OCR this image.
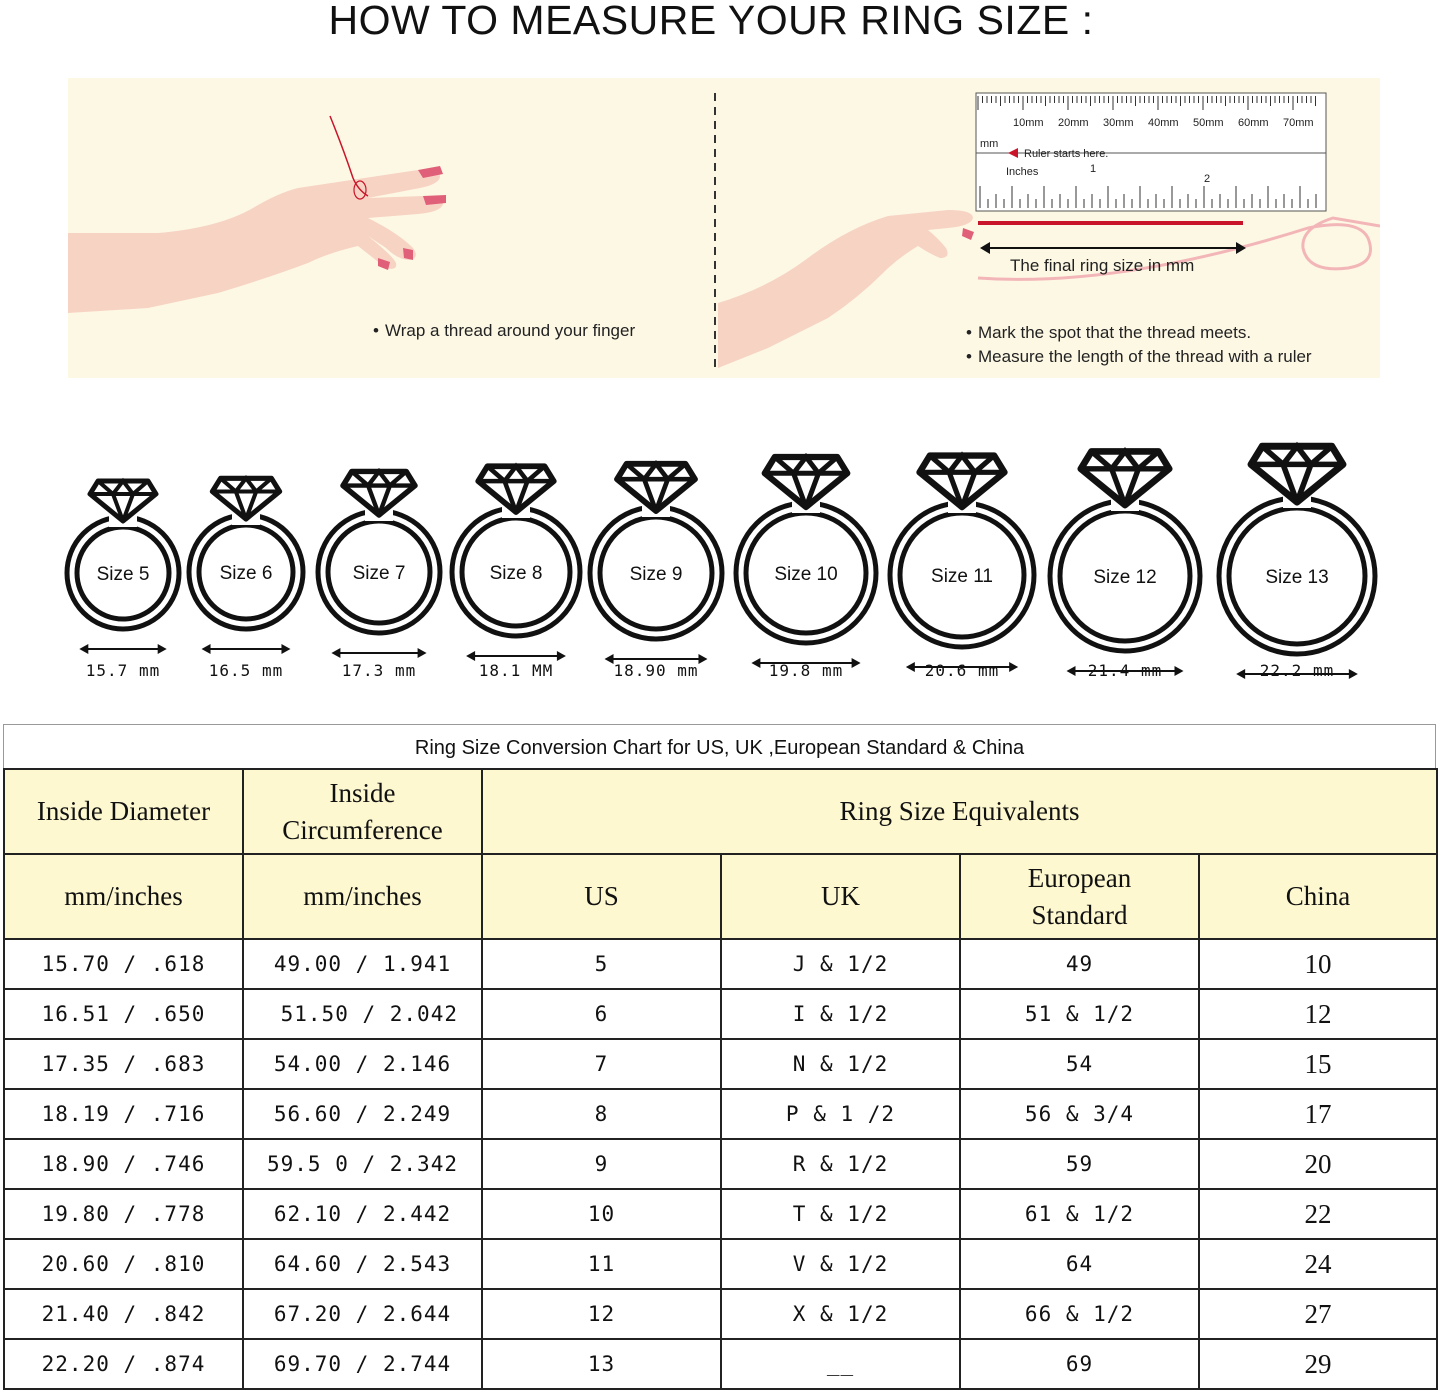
HOW TO MEASURE YOUR RING SIZE :
mm
Inches	1
2
Ruler starts here.
10mm 20mm 30mm 40mm 50mm 60mm 70mm
The final ring size in mm
• Wrap a thread around your finger	• Mark the spot that the thread meets.
• Measure the length of the thread with a ruler
Size 5
15.7 mm
Size 6
16.5 mm
Size 7
17.3 mm
Size 8
18.1 MM
Size 9
18.90 mm
Size 10
19.8 mm
Size 11
20.6 mm
Size 12
21.4 mm
Size 13
22.2 mm
Ring Size Conversion Chart for US, UK ,European Standard & China
Inside Diameter	Inside
Circumference	Ring Size Equivalents			
mm/inches	mm/inches	US	UK	European
Standard	China
15.70 / .618	49.00 / 1.941	5	J & 1/2	49	10
16.51 / .650	51.50 / 2.042	6	I & 1/2	51 & 1/2	12
17.35 / .683	54.00 / 2.146	7	N & 1/2	54	15
18.19 / .716	56.60 / 2.249	8	P & 1 /2	56 & 3/4	17
18.90 / .746	59.5 0 / 2.342	9	R & 1/2	59	20
19.80 / .778	62.10 / 2.442	10	T & 1/2	61 & 1/2	22
20.60 / .810	64.60 / 2.543	11	V & 1/2	64	24
21.40 / .842	67.20 / 2.644	12	X & 1/2	66 & 1/2	27
22.20 / .874	69.70 / 2.744	13	__	69	29
